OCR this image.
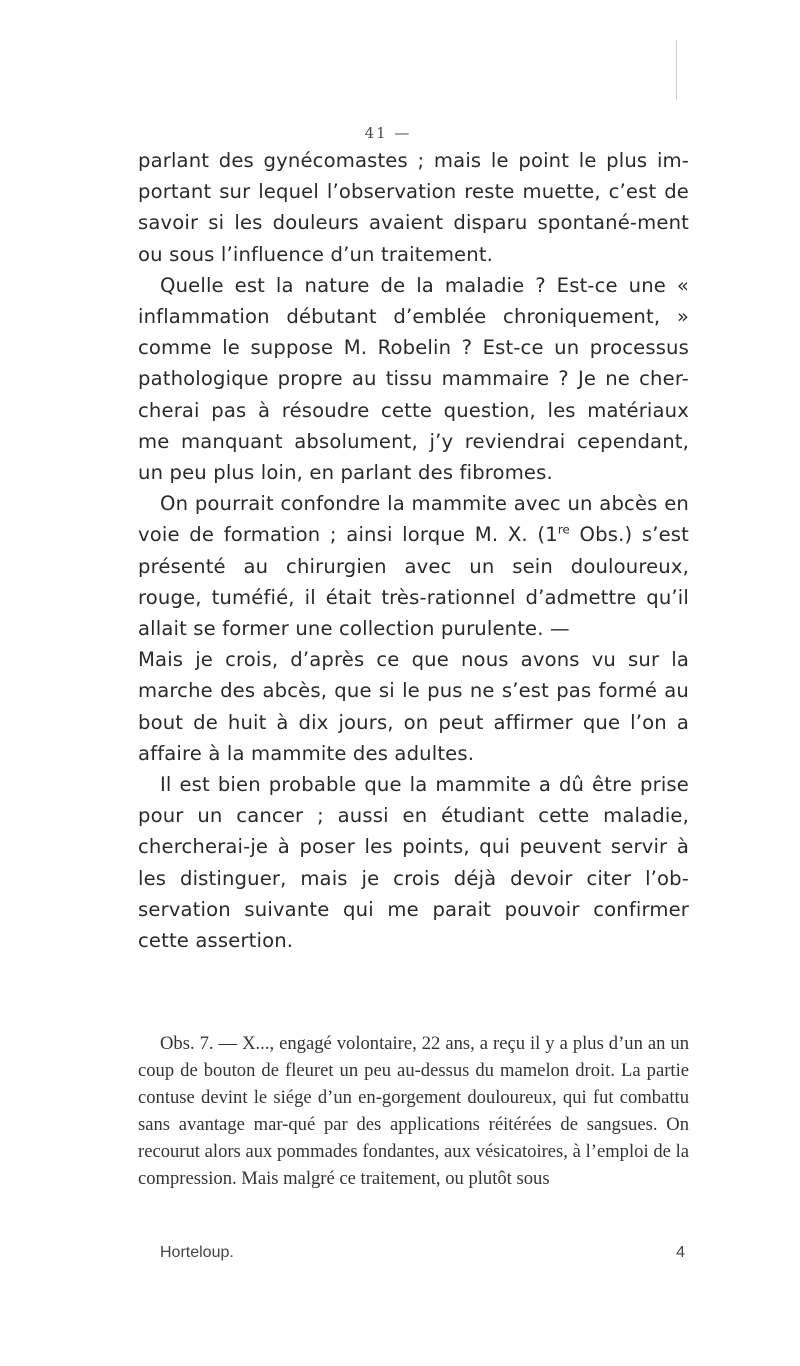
41 —

parlant des gynécomastes ; mais le point le plus im-portant sur lequel l’observation reste muette, c’est de savoir si les douleurs avaient disparu spontané-ment ou sous l’influence d’un traitement.

Quelle est la nature de la maladie ? Est-ce une « inflammation débutant d’emblée chroniquement, » comme le suppose M. Robelin ? Est-ce un processus pathologique propre au tissu mammaire ? Je ne cher-cherai pas à résoudre cette question, les matériaux me manquant absolument, j’y reviendrai cependant, un peu plus loin, en parlant des fibromes.

On pourrait confondre la mammite avec un abcès en voie de formation ; ainsi lorque M. X. (1re Obs.) s’est présenté au chirurgien avec un sein douloureux, rouge, tuméfié, il était très-rationnel d’admettre qu’il allait se former une collection purulente. —

Mais je crois, d’après ce que nous avons vu sur la marche des abcès, que si le pus ne s’est pas formé au bout de huit à dix jours, on peut affirmer que l’on a affaire à la mammite des adultes.

Il est bien probable que la mammite a dû être prise pour un cancer ; aussi en étudiant cette maladie, chercherai-je à poser les points, qui peuvent servir à les distinguer, mais je crois déjà devoir citer l’ob-servation suivante qui me parait pouvoir confirmer cette assertion.

Obs. 7. — X..., engagé volontaire, 22 ans, a reçu il y a plus d’un an un coup de bouton de fleuret un peu au-dessus du mamelon droit. La partie contuse devint le siége d’un en-gorgement douloureux, qui fut combattu sans avantage mar-qué par des applications réitérées de sangsues. On recourut alors aux pommades fondantes, aux vésicatoires, à l’emploi de la compression. Mais malgré ce traitement, ou plutôt sous

Horteloup.	4
